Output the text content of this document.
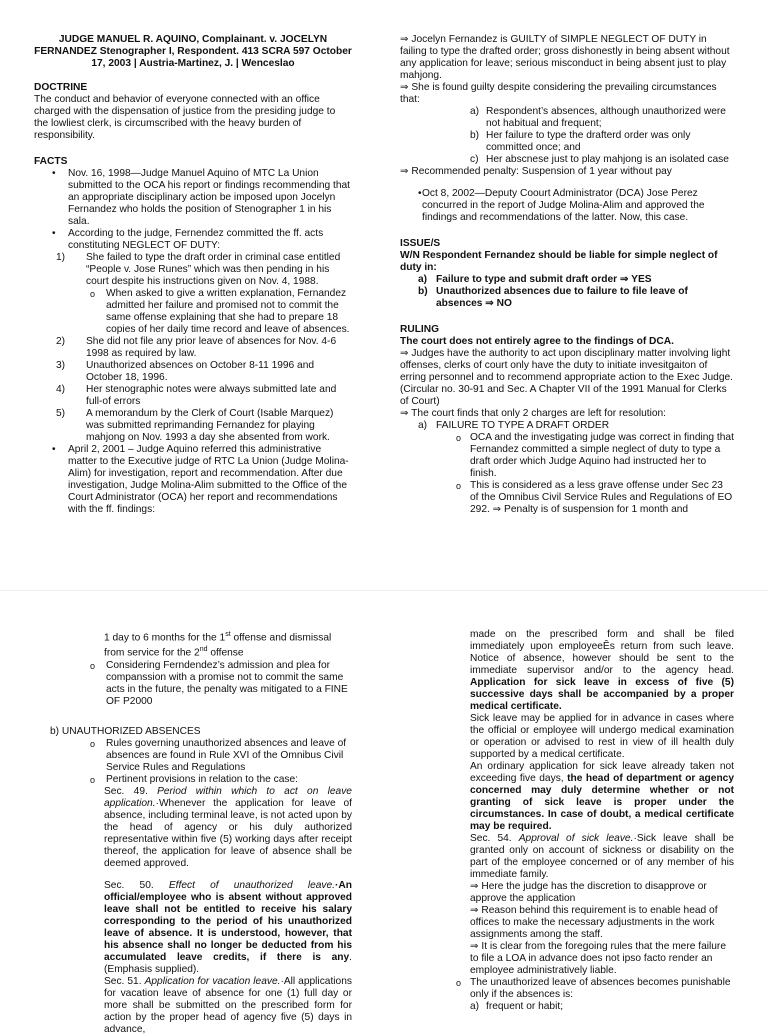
JUDGE MANUEL R. AQUINO, Complainant. v. JOCELYN FERNANDEZ Stenographer I, Respondent. 413 SCRA 597 October 17, 2003 | Austria-Martinez, J. | Wenceslao

DOCTRINE

The conduct and behavior of everyone connected with an office charged with the dispensation of justice from the presiding judge to the lowliest clerk, is circumscribed with the heavy burden of responsibility.

FACTS

• Nov. 16, 1998—Judge Manuel Aquino of MTC La Union submitted to the OCA his report or findings recommending that an appropriate disciplinary action be imposed upon Jocelyn Fernandez who holds the position of Stenographer 1 in his sala.
• According to the judge, Fernendez committed the ff. acts constituting NEGLECT OF DUTY:
1) She failed to type the draft order in criminal case entitled “People v. Jose Runes” which was then pending in his court despite his instructions given on Nov. 4, 1988.
o When asked to give a written explanation, Fernandez admitted her failure and promised not to commit the same offense explaining that she had to prepare 18 copies of her daily time record and leave of absences.
2) She did not file any prior leave of absences for Nov. 4-6 1998 as required by law.
3) Unauthorized absences on October 8-11 1996 and October 18, 1996.
4) Her stenographic notes were always submitted late and full-of errors
5) A memorandum by the Clerk of Court (Isable Marquez) was submitted reprimanding Fernandez for playing mahjong on Nov. 1993 a day she absented from work.
• April 2, 2001 – Judge Aquino referred this administrative matter to the Executive judge of RTC La Union (Judge Molina-Alim) for investigation, report and recommendation. After due investigation, Judge Molina-Alim submitted to the Office of the Court Administrator (OCA) her report and recommendations with the ff. findings:

⇒ Jocelyn Fernandez is GUILTY of SIMPLE NEGLECT OF DUTY in failing to type the drafted order; gross dishonestly in being absent without any application for leave; serious misconduct in being absent just to play mahjong.

⇒ She is found guilty despite considering the prevailing circumstances that:

a) Respondent’s absences, although unauthorized were not habitual and frequent;
b) Her failure to type the drafterd order was only committed once; and
c) Her abscnese just to play mahjong is an isolated case

⇒ Recommended penalty: Suspension of 1 year without pay

• Oct 8, 2002—Deputy Coourt Administrator (DCA) Jose Perez concurred in the report of Judge Molina-Alim and approved the findings and recommendations of the latter. Now, this case.

ISSUE/S

W/N Respondent Fernandez should be liable for simple neglect of duty in:

a) Failure to type and submit draft order ⇒ YES
b) Unauthorized absences due to failure to file leave of absences ⇒ NO

RULING

The court does not entirely agree to the findings of DCA.

⇒ Judges have the authority to act upon disciplinary matter involving light offenses, clerks of court only have the duty to initiate invesitgaiton of erring personnel and to recommend appropriate action to the Exec Judge. (Circular no. 30-91 and Sec. A Chapter VII of the 1991 Manual for Clerks of Court)

⇒ The court finds that only 2 charges are left for resolution:

a) FAILURE TO TYPE A DRAFT ORDER
o OCA and the investigating judge was correct in finding that Fernandez committed a simple neglect of duty to type a draft order which Judge Aquino had instructed her to finish.
o This is considered as a less grave offense under Sec 23 of the Omnibus Civil Service Rules and Regulations of EO 292. ⇒ Penalty is of suspension for 1 month and

1 day to 6 months for the 1st offense and dismissal from service for the 2nd offense

o Considering Ferndendez’s admission and plea for companssion with a promise not to commit the same acts in the future, the penalty was mitigated to a FINE OF P2000

b) UNAUTHORIZED ABSENCES

o Rules governing unauthorized absences and leave of absences are found in Rule XVI of the Omnibus Civil Service Rules and Regulations
o Pertinent provisions in relation to the case:

Sec. 49. Period within which to act on leave application.·Whenever the application for leave of absence, including terminal leave, is not acted upon by the head of agency or his duly authorized representative within five (5) working days after receipt thereof, the application for leave of absence shall be deemed approved.

Sec. 50. Effect of unauthorized leave.·An official/employee who is absent without approved leave shall not be entitled to receive his salary corresponding to the period of his unauthorized leave of absence. It is understood, however, that his absence shall no longer be deducted from his accumulated leave credits, if there is any. (Emphasis supplied).

Sec. 51. Application for vacation leave.·All applications for vacation leave of absence for one (1) full day or more shall be submitted on the prescribed form for action by the proper head of agency five (5) days in advance,

made on the prescribed form and shall be filed immediately upon employeeÊs return from such leave. Notice of absence, however should be sent to the immediate supervisor and/or to the agency head. Application for sick leave in excess of five (5) successive days shall be accompanied by a proper medical certificate.

Sick leave may be applied for in advance in cases where the official or employee will undergo medical examination or operation or advised to rest in view of ill health duly supported by a medical certificate.

An ordinary application for sick leave already taken not exceeding five days, the head of department or agency concerned may duly determine whether or not granting of sick leave is proper under the circumstances. In case of doubt, a medical certificate may be required.

Sec. 54. Approval of sick leave.·Sick leave shall be granted only on account of sickness or disability on the part of the employee concerned or of any member of his immediate family.

⇒ Here the judge has the discretion to disapprove or approve the application

⇒ Reason behind this requirement is to enable head of offices to make the necessary adjustments in the work assignments among the staff.

⇒ It is clear from the foregoing rules that the mere failure to file a LOA in advance does not ipso facto render an employee administratively liable.

o The unauthorized leave of absences becomes punishable only if the absences is:
a) frequent or habit;
